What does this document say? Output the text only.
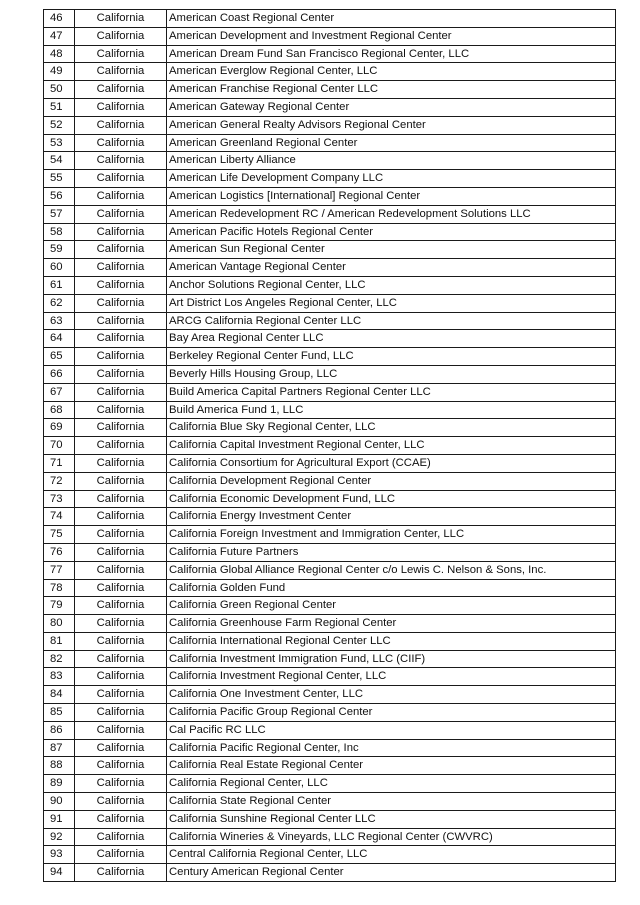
46	California	American Coast Regional Center
47	California	American Development and Investment Regional Center
48	California	American Dream Fund San Francisco Regional Center, LLC
49	California	American Everglow Regional Center, LLC
50	California	American Franchise Regional Center LLC
51	California	American Gateway Regional Center
52	California	American General Realty Advisors Regional Center
53	California	American Greenland Regional Center
54	California	American Liberty Alliance
55	California	American Life Development Company LLC
56	California	American Logistics [International] Regional Center
57	California	American Redevelopment RC / American Redevelopment Solutions LLC
58	California	American Pacific Hotels Regional Center
59	California	American Sun Regional Center
60	California	American Vantage Regional Center
61	California	Anchor Solutions Regional Center, LLC
62	California	Art District Los Angeles Regional Center, LLC
63	California	ARCG California Regional Center LLC
64	California	Bay Area Regional Center LLC
65	California	Berkeley Regional Center Fund, LLC
66	California	Beverly Hills Housing Group, LLC
67	California	Build America Capital Partners Regional Center LLC
68	California	Build America Fund 1, LLC
69	California	California Blue Sky Regional Center, LLC
70	California	California Capital Investment Regional Center, LLC
71	California	California Consortium for Agricultural Export (CCAE)
72	California	California Development Regional Center
73	California	California Economic Development Fund, LLC
74	California	California Energy Investment Center
75	California	California Foreign Investment and Immigration Center, LLC
76	California	California Future Partners
77	California	California Global Alliance Regional Center c/o Lewis C. Nelson & Sons, Inc.
78	California	California Golden Fund
79	California	California Green Regional Center
80	California	California Greenhouse Farm Regional Center
81	California	California International Regional Center LLC
82	California	California Investment Immigration Fund, LLC (CIIF)
83	California	California Investment Regional Center, LLC
84	California	California One Investment Center, LLC
85	California	California Pacific Group Regional Center
86	California	Cal Pacific RC LLC
87	California	California Pacific Regional Center, Inc
88	California	California Real Estate Regional Center
89	California	California Regional Center, LLC
90	California	California State Regional Center
91	California	California Sunshine Regional Center LLC
92	California	California Wineries & Vineyards, LLC Regional Center (CWVRC)
93	California	Central California Regional Center, LLC
94	California	Century American Regional Center
